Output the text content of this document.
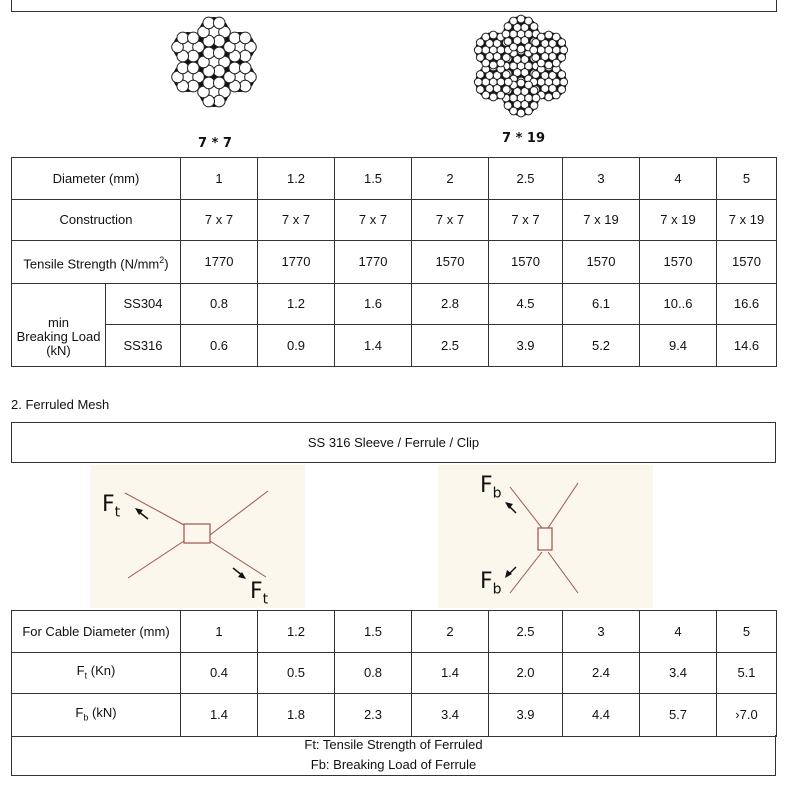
7 * 7	7 * 19
Diameter (mm)		1	1.2	1.5	2	2.5	3	4	5
Construction		7 x 7	7 x 7	7 x 7	7 x 7	7 x 7	7 x 19	7 x 19	7 x 19
Tensile Strength $(N/mm^2)$		1770	1770	1770	1570	1570	1570	1570	1570

min
Breaking Load
(kN)	SS304	0.8	1.2	1.6	2.8	4.5	6.1	10..6	16.6
	SS316	0.6	0.9	1.4	2.5	3.9	5.2	9.4	14.6
2. Ferruled Mesh
SS 316 Sleeve / Ferrule / Clip
$F_t$
$F_t$
$F_b$
$F_b$
For Cable Diameter (mm)	1	1.2	1.5	2	2.5	3	4	5
$F_t$ (Kn)	0.4	0.5	0.8	1.4	2.0	2.4	3.4	5.1
$F_b$ (kN)	1.4	1.8	2.3	3.4	3.9	4.4	5.7	›7.0
Ft: Tensile Strength of Ferruled
Fb: Breaking Load of Ferrule
